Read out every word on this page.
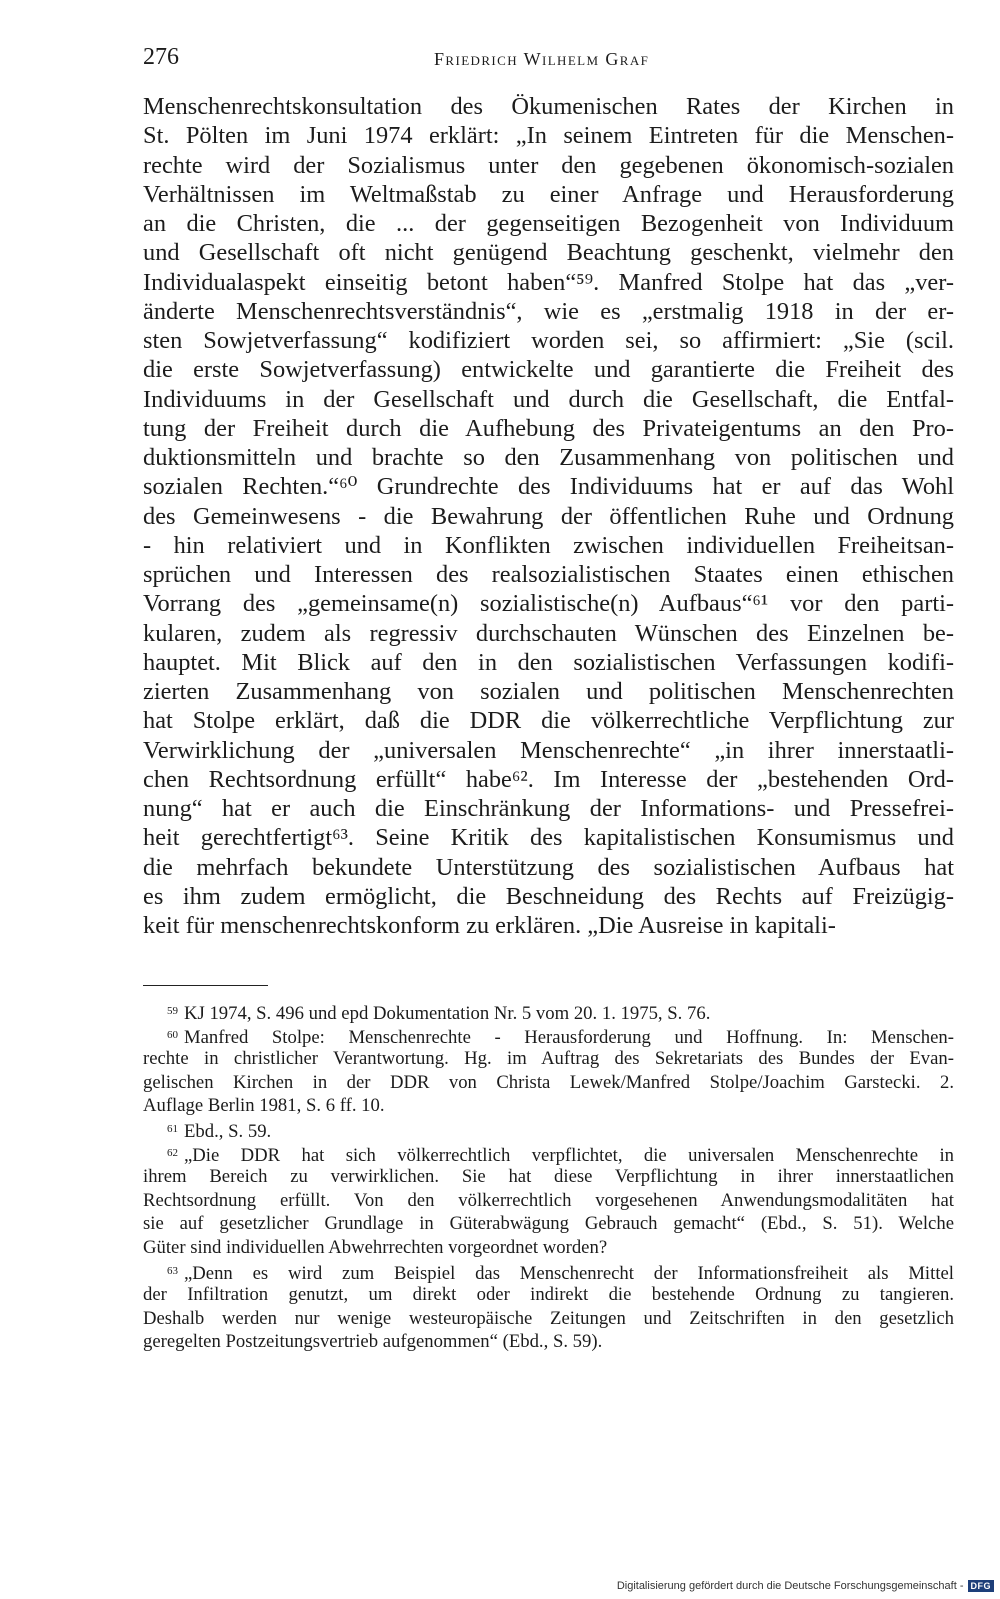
276	Friedrich Wilhelm Graf
Menschenrechtskonsultation des Ökumenischen Rates der Kirchen in
St. Pölten im Juni 1974 erklärt: „In seinem Eintreten für die Menschen-
rechte wird der Sozialismus unter den gegebenen ökonomisch-sozialen
Verhältnissen im Weltmaßstab zu einer Anfrage und Herausforderung
an die Christen, die ... der gegenseitigen Bezogenheit von Individuum
und Gesellschaft oft nicht genügend Beachtung geschenkt, vielmehr den
Individualaspekt einseitig betont haben“⁵⁹. Manfred Stolpe hat das „ver-
änderte Menschenrechtsverständnis“, wie es „erstmalig 1918 in der er-
sten Sowjetverfassung“ kodifiziert worden sei, so affirmiert: „Sie (scil.
die erste Sowjetverfassung) entwickelte und garantierte die Freiheit des
Individuums in der Gesellschaft und durch die Gesellschaft, die Entfal-
tung der Freiheit durch die Aufhebung des Privateigentums an den Pro-
duktionsmitteln und brachte so den Zusammenhang von politischen und
sozialen Rechten.“⁶⁰ Grundrechte des Individuums hat er auf das Wohl
des Gemeinwesens - die Bewahrung der öffentlichen Ruhe und Ordnung
- hin relativiert und in Konflikten zwischen individuellen Freiheitsan-
sprüchen und Interessen des realsozialistischen Staates einen ethischen
Vorrang des „gemeinsame(n) sozialistische(n) Aufbaus“⁶¹ vor den parti-
kularen, zudem als regressiv durchschauten Wünschen des Einzelnen be-
hauptet. Mit Blick auf den in den sozialistischen Verfassungen kodifi-
zierten Zusammenhang von sozialen und politischen Menschenrechten
hat Stolpe erklärt, daß die DDR die völkerrechtliche Verpflichtung zur
Verwirklichung der „universalen Menschenrechte“ „in ihrer innerstaatli-
chen Rechtsordnung erfüllt“ habe⁶². Im Interesse der „bestehenden Ord-
nung“ hat er auch die Einschränkung der Informations- und Pressefrei-
heit gerechtfertigt⁶³. Seine Kritik des kapitalistischen Konsumismus und
die mehrfach bekundete Unterstützung des sozialistischen Aufbaus hat
es ihm zudem ermöglicht, die Beschneidung des Rechts auf Freizügig-
keit für menschenrechtskonform zu erklären. „Die Ausreise in kapitali-
$^{59}$ KJ 1974, S. 496 und epd Dokumentation Nr. 5 vom 20. 1. 1975, S. 76.
$^{60}$ Manfred Stolpe: Menschenrechte - Herausforderung und Hoffnung. In: Menschen-
rechte in christlicher Verantwortung. Hg. im Auftrag des Sekretariats des Bundes der Evan-
gelischen Kirchen in der DDR von Christa Lewek/Manfred Stolpe/Joachim Garstecki. 2.
Auflage Berlin 1981, S. 6 ff. 10.
$^{61}$ Ebd., S. 59.
$^{62}$ „Die DDR hat sich völkerrechtlich verpflichtet, die universalen Menschenrechte in
ihrem Bereich zu verwirklichen. Sie hat diese Verpflichtung in ihrer innerstaatlichen
Rechtsordnung erfüllt. Von den völkerrechtlich vorgesehenen Anwendungsmodalitäten hat
sie auf gesetzlicher Grundlage in Güterabwägung Gebrauch gemacht“ (Ebd., S. 51). Welche
Güter sind individuellen Abwehrrechten vorgeordnet worden?
$^{63}$ „Denn es wird zum Beispiel das Menschenrecht der Informationsfreiheit als Mittel
der Infiltration genutzt, um direkt oder indirekt die bestehende Ordnung zu tangieren.
Deshalb werden nur wenige westeuropäische Zeitungen und Zeitschriften in den gesetzlich
geregelten Postzeitungsvertrieb aufgenommen“ (Ebd., S. 59).
Digitalisierung gefördert durch die Deutsche Forschungsgemeinschaft - DFG
